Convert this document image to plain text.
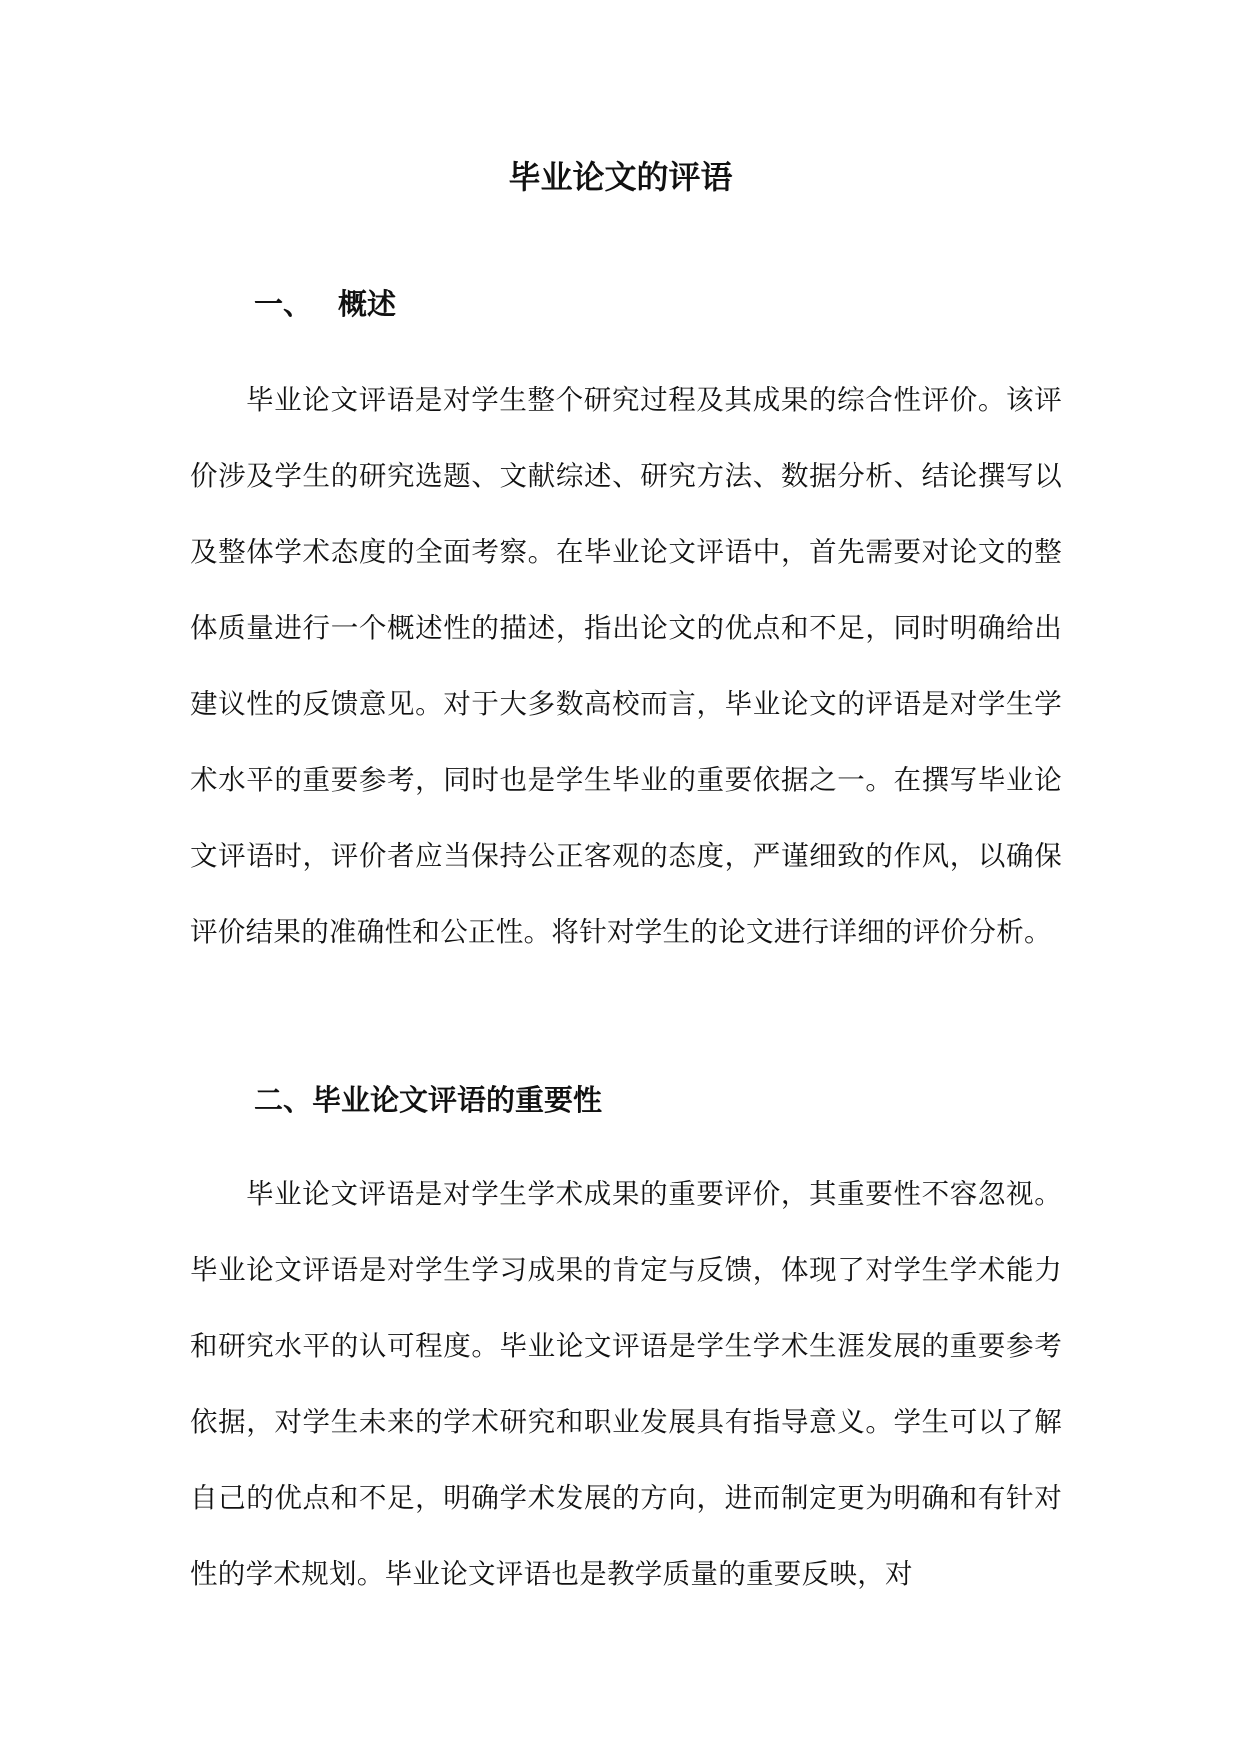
毕业论文的评语
一、 概述

毕业论文评语是对学生整个研究过程及其成果的综合性评价。该评价涉及学生的研究选题、文献综述、研究方法、数据分析、结论撰写以及整体学术态度的全面考察。在毕业论文评语中，首先需要对论文的整体质量进行一个概述性的描述，指出论文的优点和不足，同时明确给出建议性的反馈意见。对于大多数高校而言，毕业论文的评语是对学生学术水平的重要参考，同时也是学生毕业的重要依据之一。在撰写毕业论文评语时，评价者应当保持公正客观的态度，严谨细致的作风，以确保评价结果的准确性和公正性。将针对学生的论文进行详细的评价分析。

二、毕业论文评语的重要性

毕业论文评语是对学生学术成果的重要评价，其重要性不容忽视。毕业论文评语是对学生学习成果的肯定与反馈，体现了对学生学术能力和研究水平的认可程度。毕业论文评语是学生学术生涯发展的重要参考依据，对学生未来的学术研究和职业发展具有指导意义。学生可以了解自己的优点和不足，明确学术发展的方向，进而制定更为明确和有针对性的学术规划。毕业论文评语也是教学质量的重要反映，对
